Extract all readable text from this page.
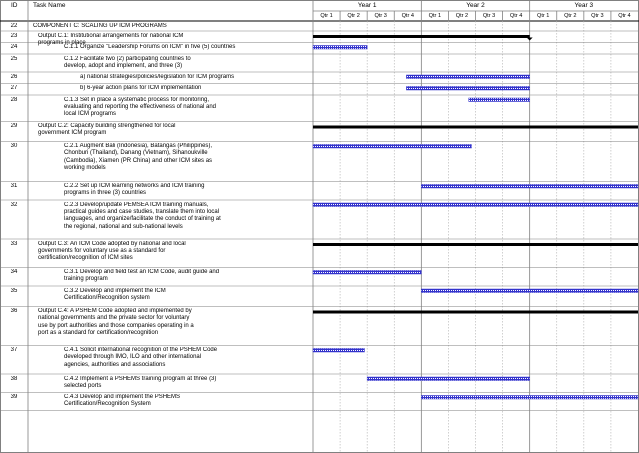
ID Task Name	Year 1	Year 2	Year 3
Qtr 1	Qtr 2	Qtr 3	Qtr 4	Qtr 1	Qtr 2	Qtr 3	Qtr 4	Qtr 1	Qtr 2	Qtr 3	Qtr 4
22	COMPONENT C: SCALING UP ICM PROGRAMS
23	Output C.1: Institutional arrangements for national ICM
programs in place
24	C.1.1 Organize "Leadership Forums on ICM" in five (5) countries
25	C.1.2 Facilitate two (2) participating countries to
develop, adopt and implement, and three (3)
26	a) national strategies/policies/legislation for ICM programs
27	b) 6-year action plans for ICM implementation
28	C.1.3 Set in place a systematic process for monitoring,
evaluating and reporting the effectiveness of national and
local ICM programs
29	Output C.2: Capacity building strengthened for local
government ICM program
30	C.2.1 Augment Bali (Indonesia), Batangas (Philippines),
Chonburi (Thailand), Danang (Vietnam), Sihanoukville
(Cambodia), Xiamen (PR China) and other ICM sites as
working models
31	C.2.2 Set up ICM learning networks and ICM training
programs in three (3) countries
32	C.2.3 Develop/update PEMSEA ICM training manuals,
practical guides and case studies, translate them into local
languages, and organize/facilitate the conduct of training at
the regional, national and sub-national levels
33	Output C.3: An ICM Code adopted by national and local
governments for voluntary use as a standard for
certification/recognition of ICM sites
34	C.3.1 Develop and field test an ICM Code, audit guide and
training program
35	C.3.2 Develop and implement the ICM
Certification/Recognition system
36	Output C.4: A PSHEM Code adopted and implemented by
national governments and the private sector for voluntary
use by port authorities and those companies operating in a
port as a standard for certification/recognition
37	C.4.1 Solicit international recognition of the PSHEM Code
developed through IMO, ILO and other international
agencies, authorities and associations
38	C.4.2 Implement a PSHEMS training program at three (3)
selected ports
39	C.4.3 Develop and implement the PSHEMS
Certification/Recognition System
